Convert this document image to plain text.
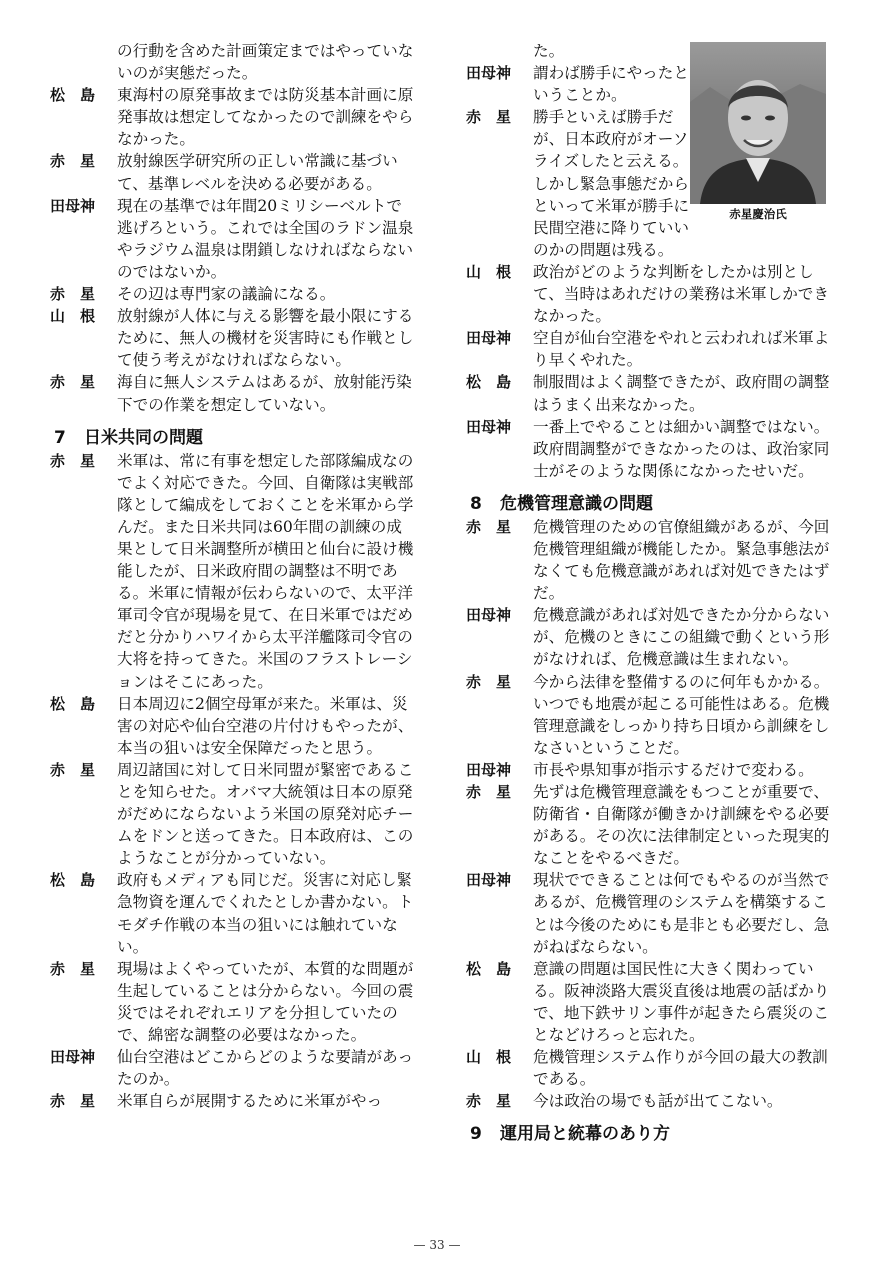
の行動を含めた計画策定まではやっていないのが実態だった。
松　島 東海村の原発事故までは防災基本計画に原発事故は想定してなかったので訓練をやらなかった。
赤　星 放射線医学研究所の正しい常識に基づいて、基準レベルを決める必要がある。
田母神 現在の基準では年間20ミリシーベルトで逃げろという。これでは全国のラドン温泉やラジウム温泉は閉鎖しなければならないのではないか。
赤　星 その辺は専門家の議論になる。
山　根 放射線が人体に与える影響を最小限にするために、無人の機材を災害時にも作戦として使う考えがなければならない。
赤　星 海自に無人システムはあるが、放射能汚染下での作業を想定していない。
7 日米共同の問題
赤　星 米軍は、常に有事を想定した部隊編成なのでよく対応できた。今回、自衛隊は実戦部隊として編成をしておくことを米軍から学んだ。また日米共同は60年間の訓練の成果として日米調整所が横田と仙台に設け機能したが、日米政府間の調整は不明である。米軍に情報が伝わらないので、太平洋軍司令官が現場を見て、在日米軍ではだめだと分かりハワイから太平洋艦隊司令官の大将を持ってきた。米国のフラストレーションはそこにあった。
松　島 日本周辺に2個空母軍が来た。米軍は、災害の対応や仙台空港の片付けもやったが、本当の狙いは安全保障だったと思う。
赤　星 周辺諸国に対して日米同盟が緊密であることを知らせた。オバマ大統領は日本の原発がだめにならないよう米国の原発対応チームをドンと送ってきた。日本政府は、このようなことが分かっていない。
松　島 政府もメディアも同じだ。災害に対応し緊急物資を運んでくれたとしか書かない。トモダチ作戦の本当の狙いには触れていない。
赤　星 現場はよくやっていたが、本質的な問題が生起していることは分からない。今回の震災ではそれぞれエリアを分担していたので、綿密な調整の必要はなかった。
田母神 仙台空港はどこからどのような要請があったのか。
赤　星 米軍自らが展開するために米軍がやっ
た。
田母神 謂わば勝手にやったということか。
赤　星 勝手といえば勝手だが、日本政府がオーソライズしたと云える。しかし緊急事態だからといって米軍が勝手に民間空港に降りていいのかの問題は残る。
山　根 政治がどのような判断をしたかは別として、当時はあれだけの業務は米軍しかできなかった。
田母神 空自が仙台空港をやれと云われれば米軍より早くやれた。
松　島 制服間はよく調整できたが、政府間の調整はうまく出来なかった。
田母神 一番上でやることは細かい調整ではない。政府間調整ができなかったのは、政治家同士がそのような関係になかったせいだ。
8 危機管理意識の問題
赤　星 危機管理のための官僚組織があるが、今回危機管理組織が機能したか。緊急事態法がなくても危機意識があれば対処できたはずだ。
田母神 危機意識があれば対処できたか分からないが、危機のときにこの組織で動くという形がなければ、危機意識は生まれない。
赤　星 今から法律を整備するのに何年もかかる。いつでも地震が起こる可能性はある。危機管理意識をしっかり持ち日頃から訓練をしなさいということだ。
田母神 市長や県知事が指示するだけで変わる。
赤　星 先ずは危機管理意識をもつことが重要で、防衛省・自衛隊が働きかけ訓練をやる必要がある。その次に法律制定といった現実的なことをやるべきだ。
田母神 現状でできることは何でもやるのが当然であるが、危機管理のシステムを構築することは今後のためにも是非とも必要だし、急がねばならない。
松　島 意識の問題は国民性に大きく関わっている。阪神淡路大震災直後は地震の話ばかりで、地下鉄サリン事件が起きたら震災のことなどけろっと忘れた。
山　根 危機管理システム作りが今回の最大の教訓である。
赤　星 今は政治の場でも話が出てこない。
9 運用局と統幕のあり方
赤星慶治氏
— 33 —
